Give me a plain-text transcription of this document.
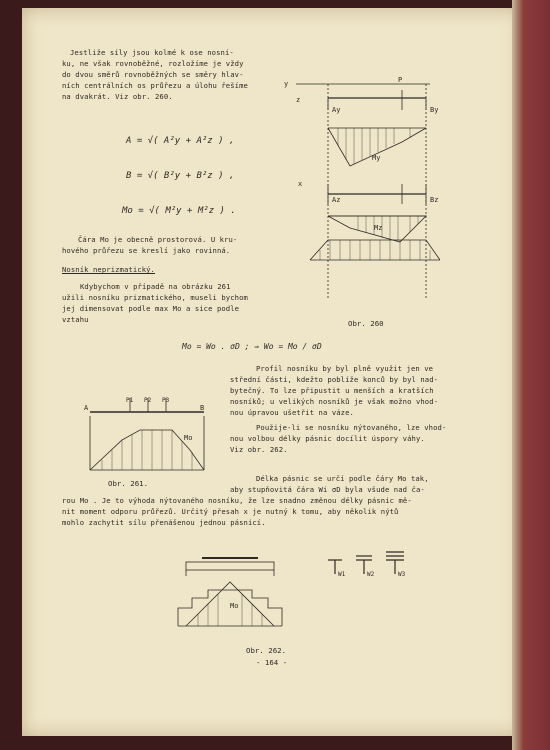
Jestliže síly jsou kolmé k ose nosní-
ku, ne však rovnoběžné, rozložíme je vždy
do dvou směrů rovnoběžných se směry hlav-
ních centrálních os průřezu a úlohu řešíme
na dvakrát. Viz obr. 260.
A = √( A²y + A²z ) ,
B = √( B²y + B²z ) ,
Mo = √( M²y + M²z ) .
Čára Mo je obecně prostorová. U kru-
hového průřezu se kreslí jako rovinná.
Nosník neprizmatický.
Kdybychom v případě na obrázku 261
užili nosníku prizmatického, museli bychom
jej dimensovat podle max Mo a sice podle
vztahu	Obr. 260
Mo = Wo . σD ; ⇒ Wo = Mo / σD
Profil nosníku by byl plně využit jen ve
střední části, kdežto poblíže konců by byl nad-
bytečný. To lze připustit u menších a kratších
nosníků; u velikých nosníků je však možno vhod-
nou úpravou ušetřit na váze.
Použije-li se nosníku nýtovaného, lze vhod-
nou volbou délky pásnic docílit úspory váhy.
Viz obr. 262.
Obr. 261.
Délka pásnic se určí podle čáry Mo tak,
aby stupňovitá čára Wi σD byla všude nad ča-
rou Mo . Je to výhoda nýtovaného nosníku, že lze snadno změnou délky pásnic mě-
nit moment odporu průřezů. Určitý přesah x je nutný k tomu, aby několik nýtů
mohlo zachytit sílu přenášenou jednou pásnicí.
Obr. 262.
- 164 -
y
z
P
Ay	By
My
x
Az	Bz
Mz
A	B
P1 P2 P3
Mo
Mo
W1	W2	W3
